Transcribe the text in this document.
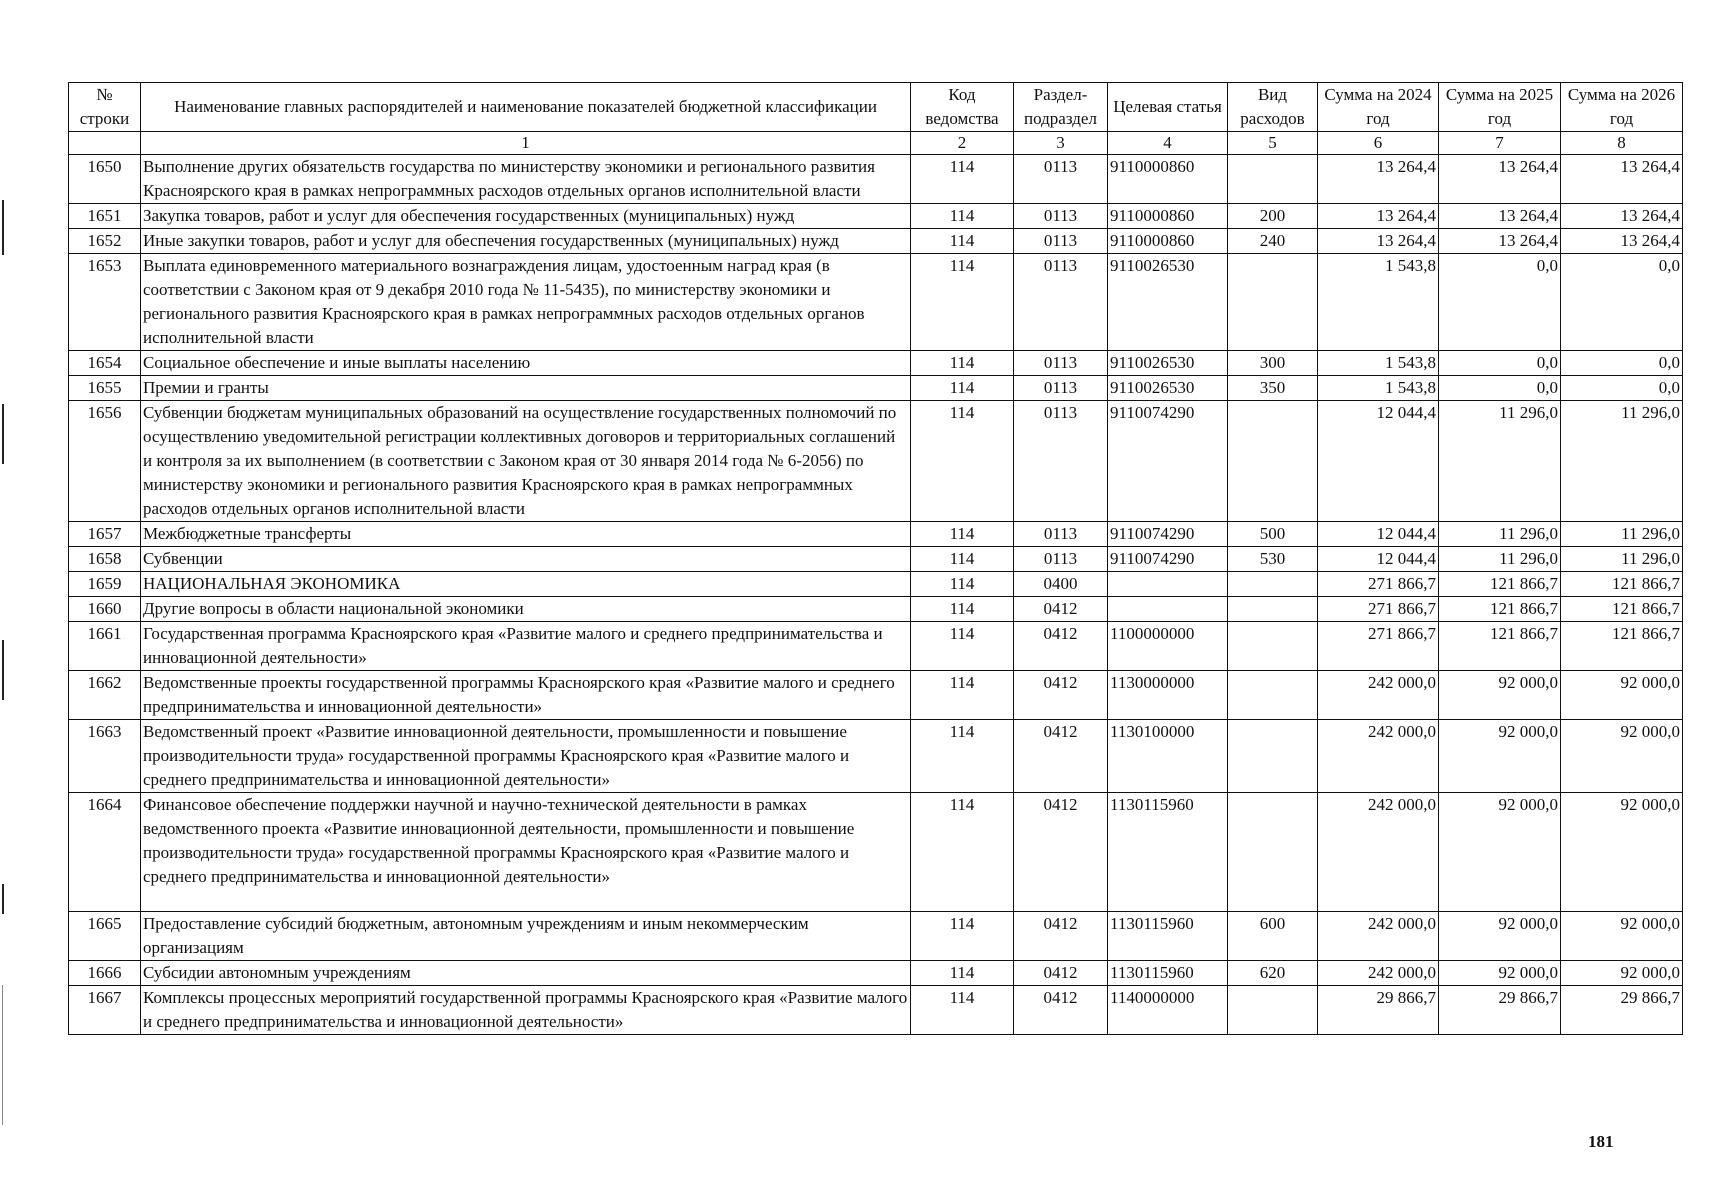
№ строки	Наименование главных распорядителей и наименование показателей бюджетной классификации	Код ведомства	Раздел-подраздел	Целевая статья	Вид расходов	Сумма на 2024 год	Сумма на 2025 год	Сумма на 2026 год
	1	2	3	4	5	6	7	8
1650	Выполнение других обязательств государства по министерству экономики и регионального развития Красноярского края в рамках непрограммных расходов отдельных органов исполнительной власти	114	0113	9110000860		13 264,4	13 264,4	13 264,4
1651	Закупка товаров, работ и услуг для обеспечения государственных (муниципальных) нужд	114	0113	9110000860	200	13 264,4	13 264,4	13 264,4
1652	Иные закупки товаров, работ и услуг для обеспечения государственных (муниципальных) нужд	114	0113	9110000860	240	13 264,4	13 264,4	13 264,4
1653	Выплата единовременного материального вознаграждения лицам, удостоенным наград края (в соответствии с Законом края от 9 декабря 2010 года № 11-5435), по министерству экономики и регионального развития Красноярского края в рамках непрограммных расходов отдельных органов исполнительной власти	114	0113	9110026530		1 543,8	0,0	0,0
1654	Социальное обеспечение и иные выплаты населению	114	0113	9110026530	300	1 543,8	0,0	0,0
1655	Премии и гранты	114	0113	9110026530	350	1 543,8	0,0	0,0
1656	Субвенции бюджетам муниципальных образований на осуществление государственных полномочий по осуществлению уведомительной регистрации коллективных договоров и территориальных соглашений и контроля за их выполнением (в соответствии с Законом края от 30 января 2014 года № 6-2056) по министерству экономики и регионального развития Красноярского края в рамках непрограммных расходов отдельных органов исполнительной власти	114	0113	9110074290		12 044,4	11 296,0	11 296,0
1657	Межбюджетные трансферты	114	0113	9110074290	500	12 044,4	11 296,0	11 296,0
1658	Субвенции	114	0113	9110074290	530	12 044,4	11 296,0	11 296,0
1659	НАЦИОНАЛЬНАЯ ЭКОНОМИКА	114	0400			271 866,7	121 866,7	121 866,7
1660	Другие вопросы в области национальной экономики	114	0412			271 866,7	121 866,7	121 866,7
1661	Государственная программа Красноярского края «Развитие малого и среднего предпринимательства и инновационной деятельности»	114	0412	1100000000		271 866,7	121 866,7	121 866,7
1662	Ведомственные проекты государственной программы Красноярского края «Развитие малого и среднего предпринимательства и инновационной деятельности»	114	0412	1130000000		242 000,0	92 000,0	92 000,0
1663	Ведомственный проект «Развитие инновационной деятельности, промышленности и повышение производительности труда» государственной программы Красноярского края «Развитие малого и среднего предпринимательства и инновационной деятельности»	114	0412	1130100000		242 000,0	92 000,0	92 000,0
1664	Финансовое обеспечение поддержки научной и научно-технической деятельности в рамках ведомственного проекта «Развитие инновационной деятельности, промышленности и повышение производительности труда» государственной программы Красноярского края «Развитие малого и среднего предпринимательства и инновационной деятельности»	114	0412	1130115960		242 000,0	92 000,0	92 000,0
1665	Предоставление субсидий бюджетным, автономным учреждениям и иным некоммерческим организациям	114	0412	1130115960	600	242 000,0	92 000,0	92 000,0
1666	Субсидии автономным учреждениям	114	0412	1130115960	620	242 000,0	92 000,0	92 000,0
1667	Комплексы процессных мероприятий государственной программы Красноярского края «Развитие малого и среднего предпринимательства и инновационной деятельности»	114	0412	1140000000		29 866,7	29 866,7	29 866,7
181
